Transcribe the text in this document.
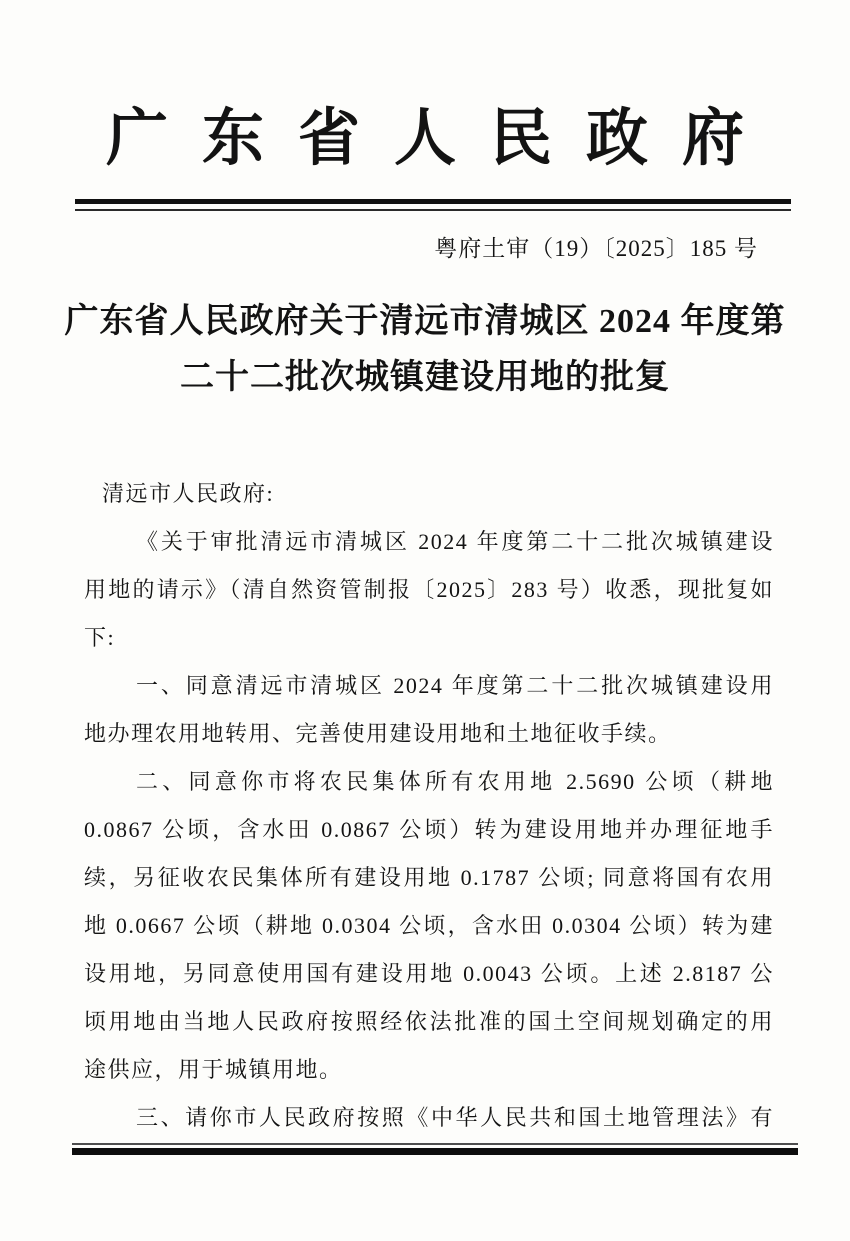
广东省人民政府
粤府土审（19）〔2025〕185 号
广东省人民政府关于清远市清城区 2024 年度第
二十二批次城镇建设用地的批复

清远市人民政府:

《关于审批清远市清城区 2024 年度第二十二批次城镇建设

用地的请示》（清自然资管制报〔2025〕283 号）收悉，现批复如

下:

一、同意清远市清城区 2024 年度第二十二批次城镇建设用

地办理农用地转用、完善使用建设用地和土地征收手续。

二、同意你市将农民集体所有农用地 2.5690 公顷（耕地

0.0867 公顷，含水田 0.0867 公顷）转为建设用地并办理征地手

续，另征收农民集体所有建设用地 0.1787 公顷; 同意将国有农用

地 0.0667 公顷（耕地 0.0304 公顷，含水田 0.0304 公顷）转为建

设用地，另同意使用国有建设用地 0.0043 公顷。上述 2.8187 公

顷用地由当地人民政府按照经依法批准的国土空间规划确定的用

途供应，用于城镇用地。

三、请你市人民政府按照《中华人民共和国土地管理法》有
